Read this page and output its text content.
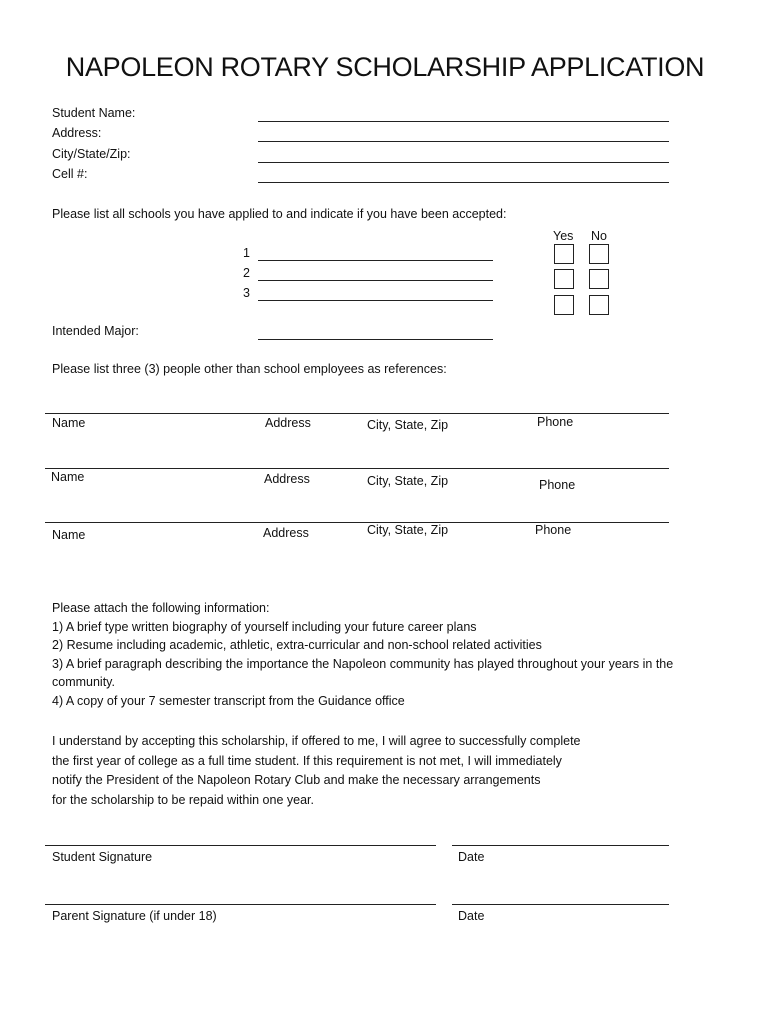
NAPOLEON ROTARY SCHOLARSHIP APPLICATION
Student Name:
Address:
City/State/Zip:
Cell #:
Please list all schools you have applied to and indicate if you have been accepted:
Yes No
1
2
3
Intended Major:
Please list three (3) people other than school employees as references:
Name	Address	City, State, Zip	Phone
Name	Address	City, State, Zip	Phone
Name	Address	City, State, Zip	Phone
Please attach the following information:
1) A brief type written biography of yourself including your future career plans
2) Resume including academic, athletic, extra-curricular and non-school related activities
3) A brief paragraph describing the importance the Napoleon community has played throughout your years in the
community.
4) A copy of your 7 semester transcript from the Guidance office
I understand by accepting this scholarship, if offered to me, I will agree to successfully complete
the first year of college as a full time student. If this requirement is not met, I will immediately
notify the President of the Napoleon Rotary Club and make the necessary arrangements
for the scholarship to be repaid within one year.
Student Signature	Date
Parent Signature (if under 18)	Date
